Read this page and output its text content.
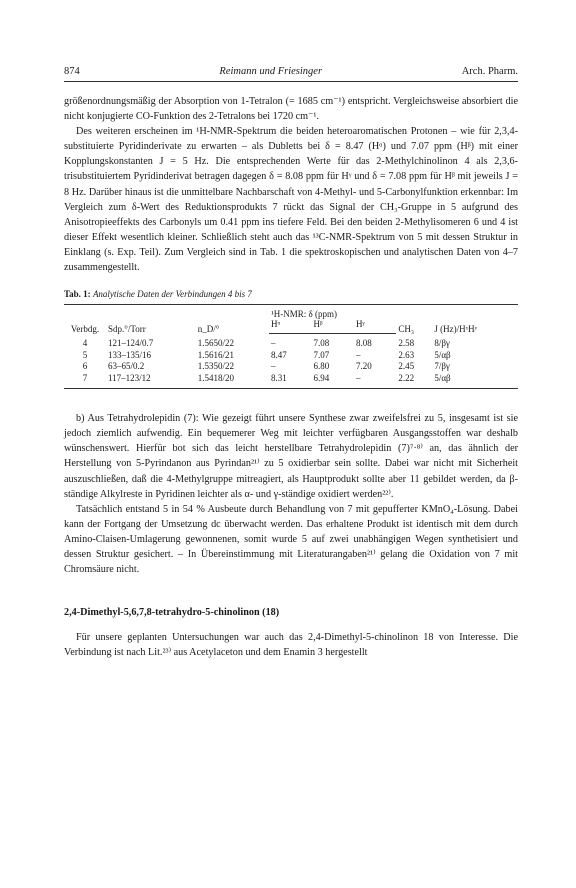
874	Reimann und Friesinger	Arch. Pharm.

größenordnungsmäßig der Absorption von 1-Tetralon (= 1685 cm⁻¹) entspricht. Vergleichsweise absorbiert die nicht konjugierte CO-Funktion des 2-Tetralons bei 1720 cm⁻¹.

Des weiteren erscheinen im ¹H-NMR-Spektrum die beiden heteroaromatischen Protonen – wie für 2,3,4-substituierte Pyridinderivate zu erwarten – als Dubletts bei δ = 8.47 (Hᵅ) und 7.07 ppm (Hᵝ) mit einer Kopplungskonstanten J = 5 Hz. Die entsprechenden Werte für das 2-Methylchinolinon 4 als 2,3,6-trisubstituiertem Pyridinderivat betragen dagegen δ = 8.08 ppm für Hᵞ und δ = 7.08 ppm für Hᵝ mit jeweils J = 8 Hz. Darüber hinaus ist die unmittelbare Nachbarschaft von 4-Methyl- und 5-Carbonylfunktion erkennbar: Im Vergleich zum δ-Wert des Reduktionsprodukts 7 rückt das Signal der CH₃-Gruppe in 5 aufgrund des Anisotropieeffekts des Carbonyls um 0.41 ppm ins tiefere Feld. Bei den beiden 2-Methylisomeren 6 und 4 ist dieser Effekt wesentlich kleiner. Schließlich steht auch das ¹³C-NMR-Spektrum von 5 mit dessen Struktur in Einklang (s. Exp. Teil). Zum Vergleich sind in Tab. 1 die spektroskopischen und analytischen Daten von 4–7 zusammengestellt.

Tab. 1: Analytische Daten der Verbindungen 4 bis 7
Verbdg.	Sdp.°/Torr	n_D/°	¹H-NMR: δ (ppm)			CH₃	J (Hz)/HˣHʸ
			Hᵅ	Hᵝ	Hᵞ		
4	121–124/0.7	1.5650/22	–	7.08	8.08	2.58	8/βγ
5	133–135/16	1.5616/21	8.47	7.07	–	2.63	5/αβ
6	63–65/0.2	1.5350/22	–	6.80	7.20	2.45	7/βγ
7	117–123/12	1.5418/20	8.31	6.94	–	2.22	5/αβ

b) Aus Tetrahydrolepidin (7): Wie gezeigt führt unsere Synthese zwar zweifelsfrei zu 5, insgesamt ist sie jedoch ziemlich aufwendig. Ein bequemerer Weg mit leichter verfügbaren Ausgangsstoffen war deshalb wünschenswert. Hierfür bot sich das leicht herstellbare Tetrahydrolepidin (7)⁷·⁸⁾ an, das ähnlich der Herstellung von 5-Pyrindanon aus Pyrindan²¹⁾ zu 5 oxidierbar sein sollte. Dabei war nicht mit Sicherheit auszuschließen, daß die 4-Methylgruppe mitreagiert, als Hauptprodukt sollte aber 11 gebildet werden, da β-ständige Alkylreste in Pyridinen leichter als α- und γ-ständige oxidiert werden²²⁾.

Tatsächlich entstand 5 in 54 % Ausbeute durch Behandlung von 7 mit gepufferter KMnO₄-Lösung. Dabei kann der Fortgang der Umsetzung dc überwacht werden. Das erhaltene Produkt ist identisch mit dem durch Amino-Claisen-Umlagerung gewonnenen, somit wurde 5 auf zwei unabhängigen Wegen synthetisiert und dessen Struktur gesichert. – In Übereinstimmung mit Literaturangaben²¹⁾ gelang die Oxidation von 7 mit Chromsäure nicht.

2,4-Dimethyl-5,6,7,8-tetrahydro-5-chinolinon (18)

Für unsere geplanten Untersuchungen war auch das 2,4-Dimethyl-5-chinolinon 18 von Interesse. Die Verbindung ist nach Lit.²³⁾ aus Acetylaceton und dem Enamin 3 hergestellt
